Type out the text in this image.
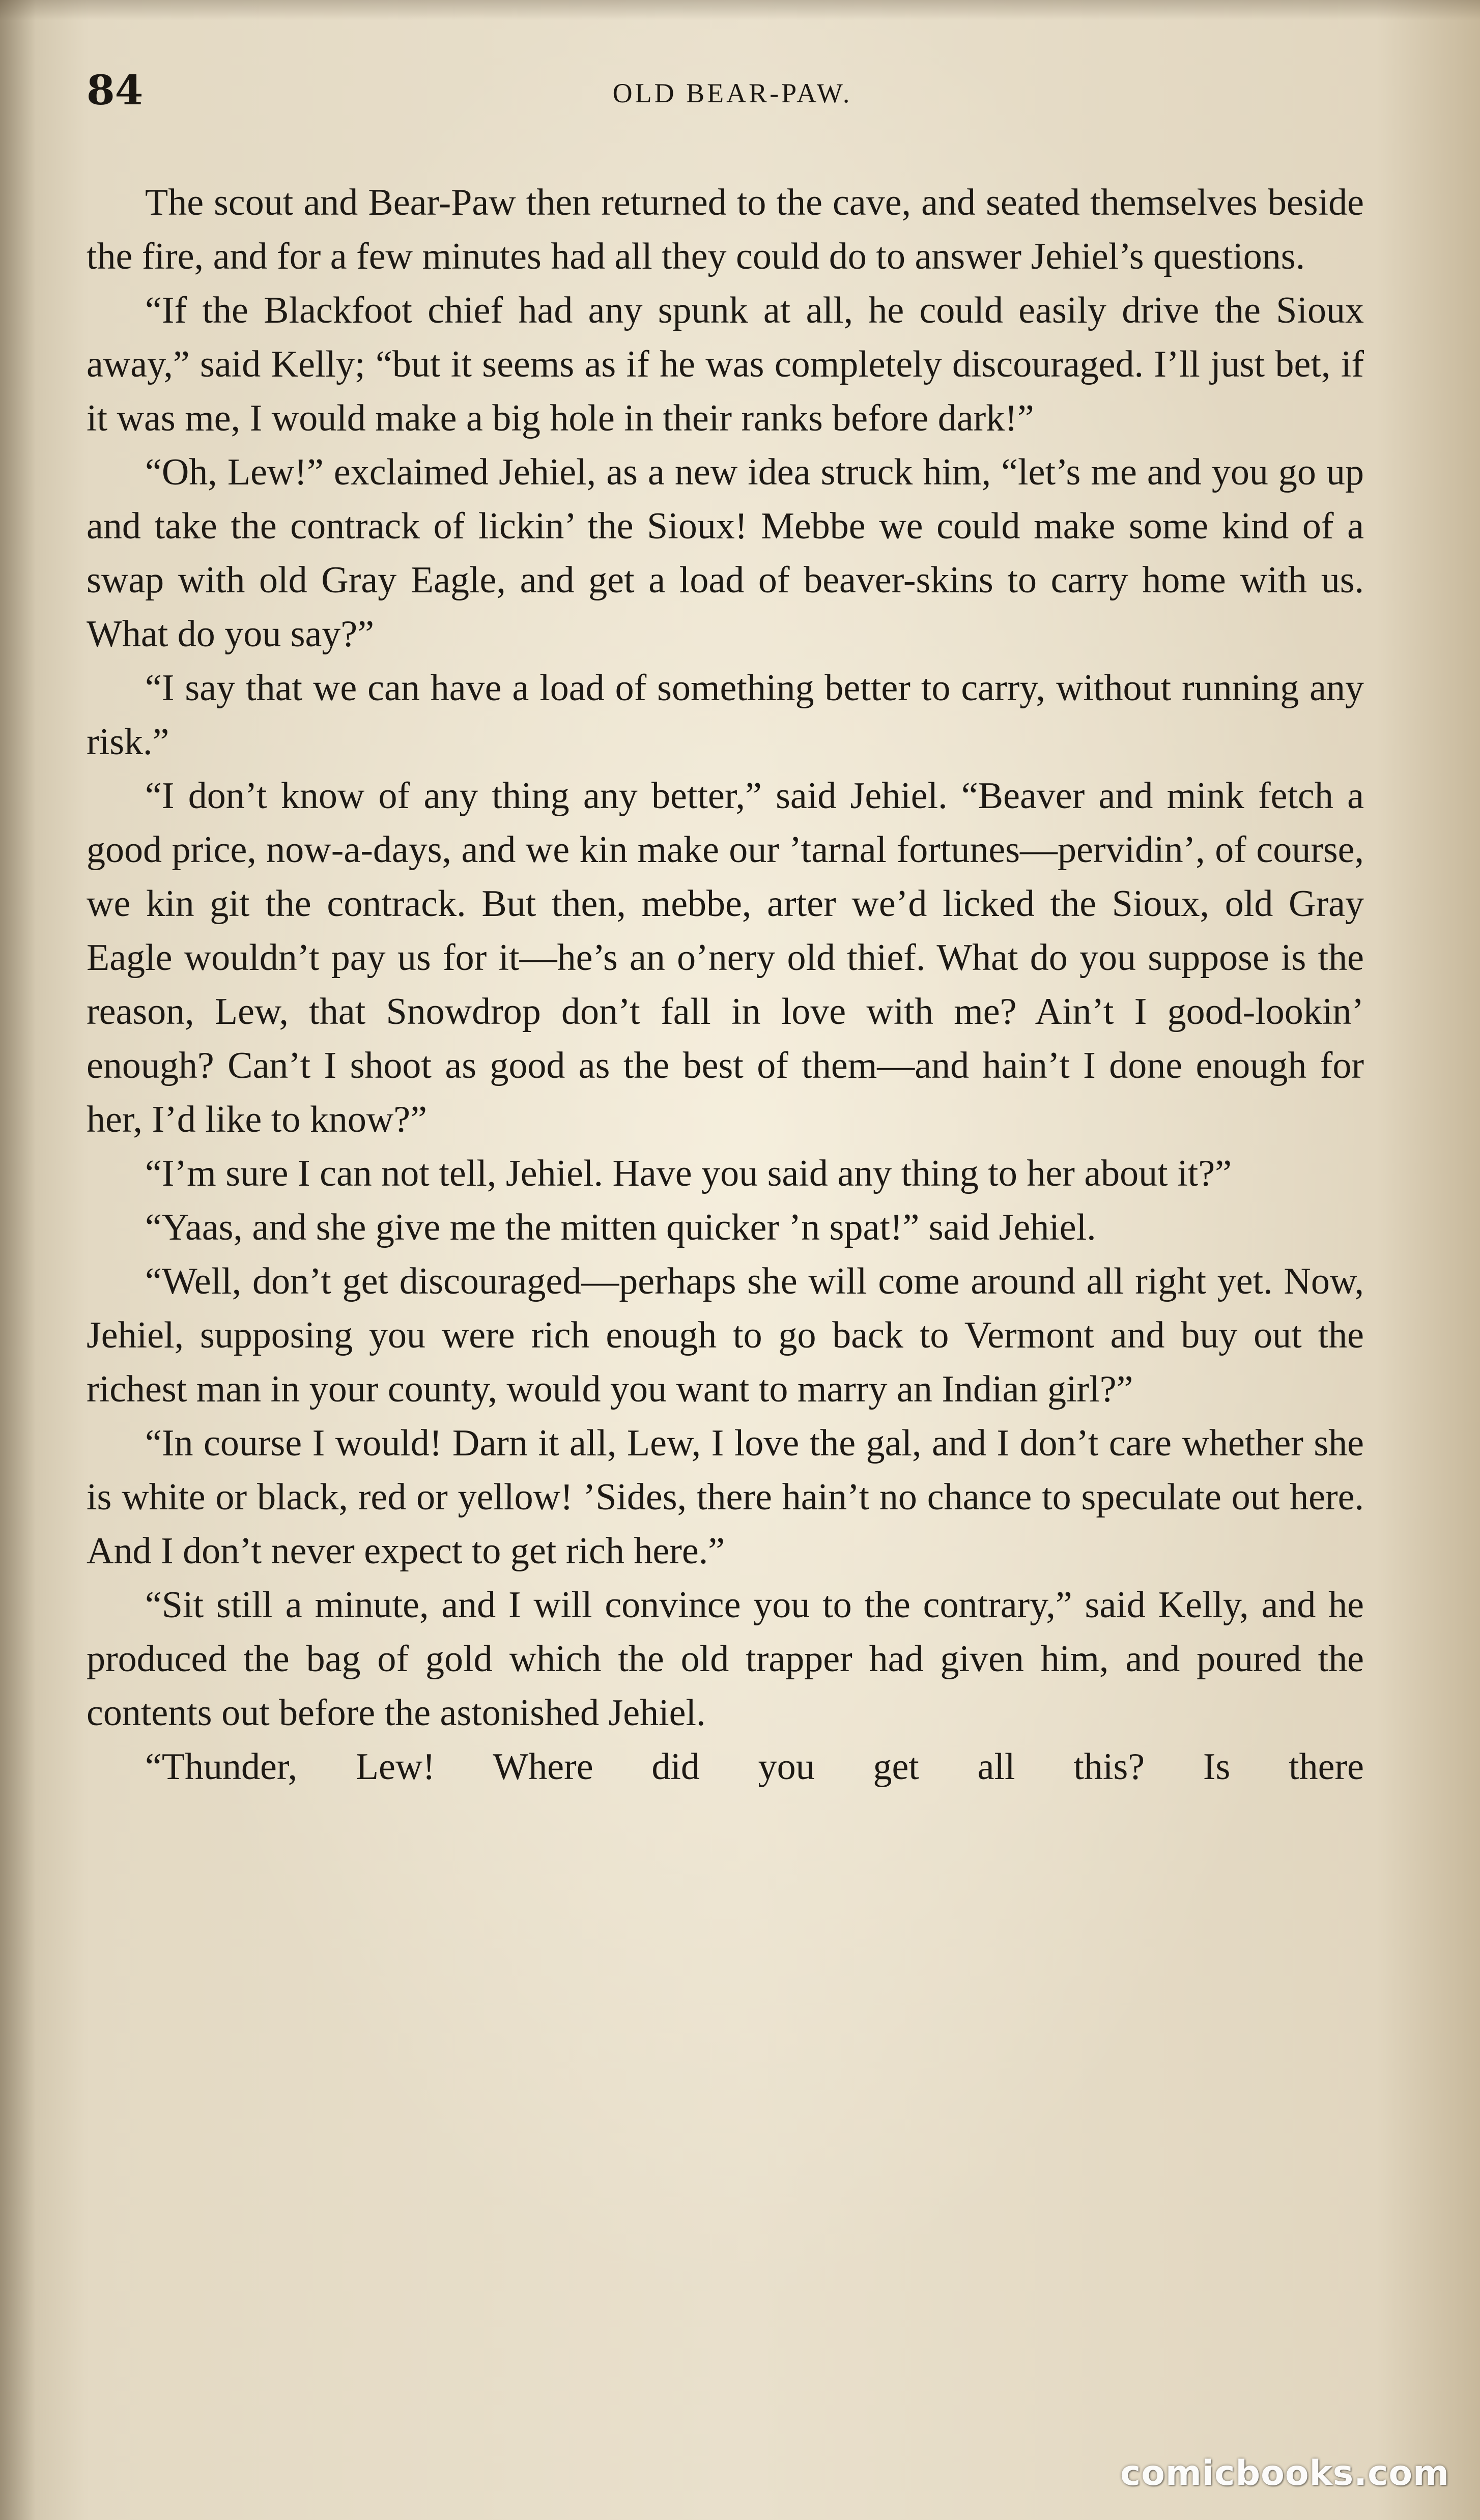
84	OLD BEAR-PAW.

The scout and Bear-Paw then returned to the cave, and seated themselves beside the fire, and for a few minutes had all they could do to answer Jehiel’s questions.

“If the Blackfoot chief had any spunk at all, he could easily drive the Sioux away,” said Kelly; “but it seems as if he was completely discouraged. I’ll just bet, if it was me, I would make a big hole in their ranks before dark!”

“Oh, Lew!” exclaimed Jehiel, as a new idea struck him, “let’s me and you go up and take the contrack of lickin’ the Sioux! Mebbe we could make some kind of a swap with old Gray Eagle, and get a load of beaver-skins to carry home with us. What do you say?”

“I say that we can have a load of something better to carry, without running any risk.”

“I don’t know of any thing any better,” said Jehiel. “Beaver and mink fetch a good price, now-a-days, and we kin make our ’tarnal fortunes—pervidin’, of course, we kin git the contrack. But then, mebbe, arter we’d licked the Sioux, old Gray Eagle wouldn’t pay us for it—he’s an o’nery old thief. What do you suppose is the reason, Lew, that Snowdrop don’t fall in love with me? Ain’t I good-lookin’ enough? Can’t I shoot as good as the best of them—and hain’t I done enough for her, I’d like to know?”

“I’m sure I can not tell, Jehiel. Have you said any thing to her about it?”

“Yaas, and she give me the mitten quicker ’n spat!” said Jehiel.

“Well, don’t get discouraged—perhaps she will come around all right yet. Now, Jehiel, supposing you were rich enough to go back to Vermont and buy out the richest man in your county, would you want to marry an Indian girl?”

“In course I would! Darn it all, Lew, I love the gal, and I don’t care whether she is white or black, red or yellow! ’Sides, there hain’t no chance to speculate out here. And I don’t never expect to get rich here.”

“Sit still a minute, and I will convince you to the contrary,” said Kelly, and he produced the bag of gold which the old trapper had given him, and poured the contents out before the astonished Jehiel.

“Thunder, Lew! Where did you get all this? Is there

comicbooks.com
